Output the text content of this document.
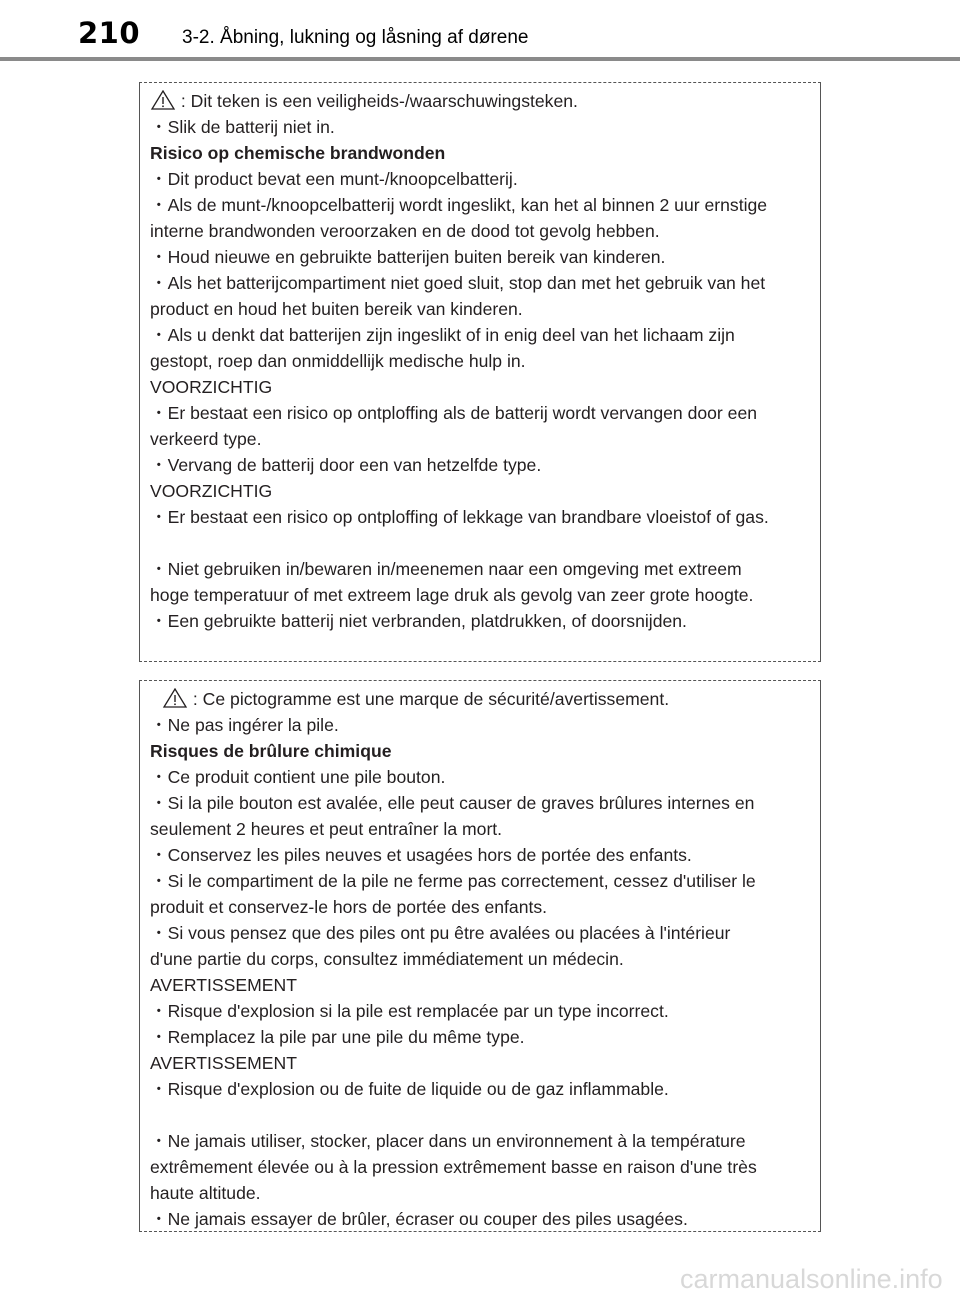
210 3-2. Åbning, lukning og låsning af dørene
: Dit teken is een veiligheids-/waarschuwingsteken.
・Slik de batterij niet in.
Risico op chemische brandwonden
・Dit product bevat een munt-/knoopcelbatterij.
・Als de munt-/knoopcelbatterij wordt ingeslikt, kan het al binnen 2 uur ernstige
interne brandwonden veroorzaken en de dood tot gevolg hebben.
・Houd nieuwe en gebruikte batterijen buiten bereik van kinderen.
・Als het batterijcompartiment niet goed sluit, stop dan met het gebruik van het
product en houd het buiten bereik van kinderen.
・Als u denkt dat batterijen zijn ingeslikt of in enig deel van het lichaam zijn
gestopt, roep dan onmiddellijk medische hulp in.
VOORZICHTIG
・Er bestaat een risico op ontploffing als de batterij wordt vervangen door een
verkeerd type.
・Vervang de batterij door een van hetzelfde type.
VOORZICHTIG
・Er bestaat een risico op ontploffing of lekkage van brandbare vloeistof of gas.
・Niet gebruiken in/bewaren in/meenemen naar een omgeving met extreem
hoge temperatuur of met extreem lage druk als gevolg van zeer grote hoogte.
・Een gebruikte batterij niet verbranden, platdrukken, of doorsnijden.
: Ce pictogramme est une marque de sécurité/avertissement.
・Ne pas ingérer la pile.
Risques de brûlure chimique
・Ce produit contient une pile bouton.
・Si la pile bouton est avalée, elle peut causer de graves brûlures internes en
seulement 2 heures et peut entraîner la mort.
・Conservez les piles neuves et usagées hors de portée des enfants.
・Si le compartiment de la pile ne ferme pas correctement, cessez d'utiliser le
produit et conservez-le hors de portée des enfants.
・Si vous pensez que des piles ont pu être avalées ou placées à l'intérieur
d'une partie du corps, consultez immédiatement un médecin.
AVERTISSEMENT
・Risque d'explosion si la pile est remplacée par un type incorrect.
・Remplacez la pile par une pile du même type.
AVERTISSEMENT
・Risque d'explosion ou de fuite de liquide ou de gaz inflammable.
・Ne jamais utiliser, stocker, placer dans un environnement à la température
extrêmement élevée ou à la pression extrêmement basse en raison d'une très
haute altitude.
・Ne jamais essayer de brûler, écraser ou couper des piles usagées.
carmanualsonline.info
